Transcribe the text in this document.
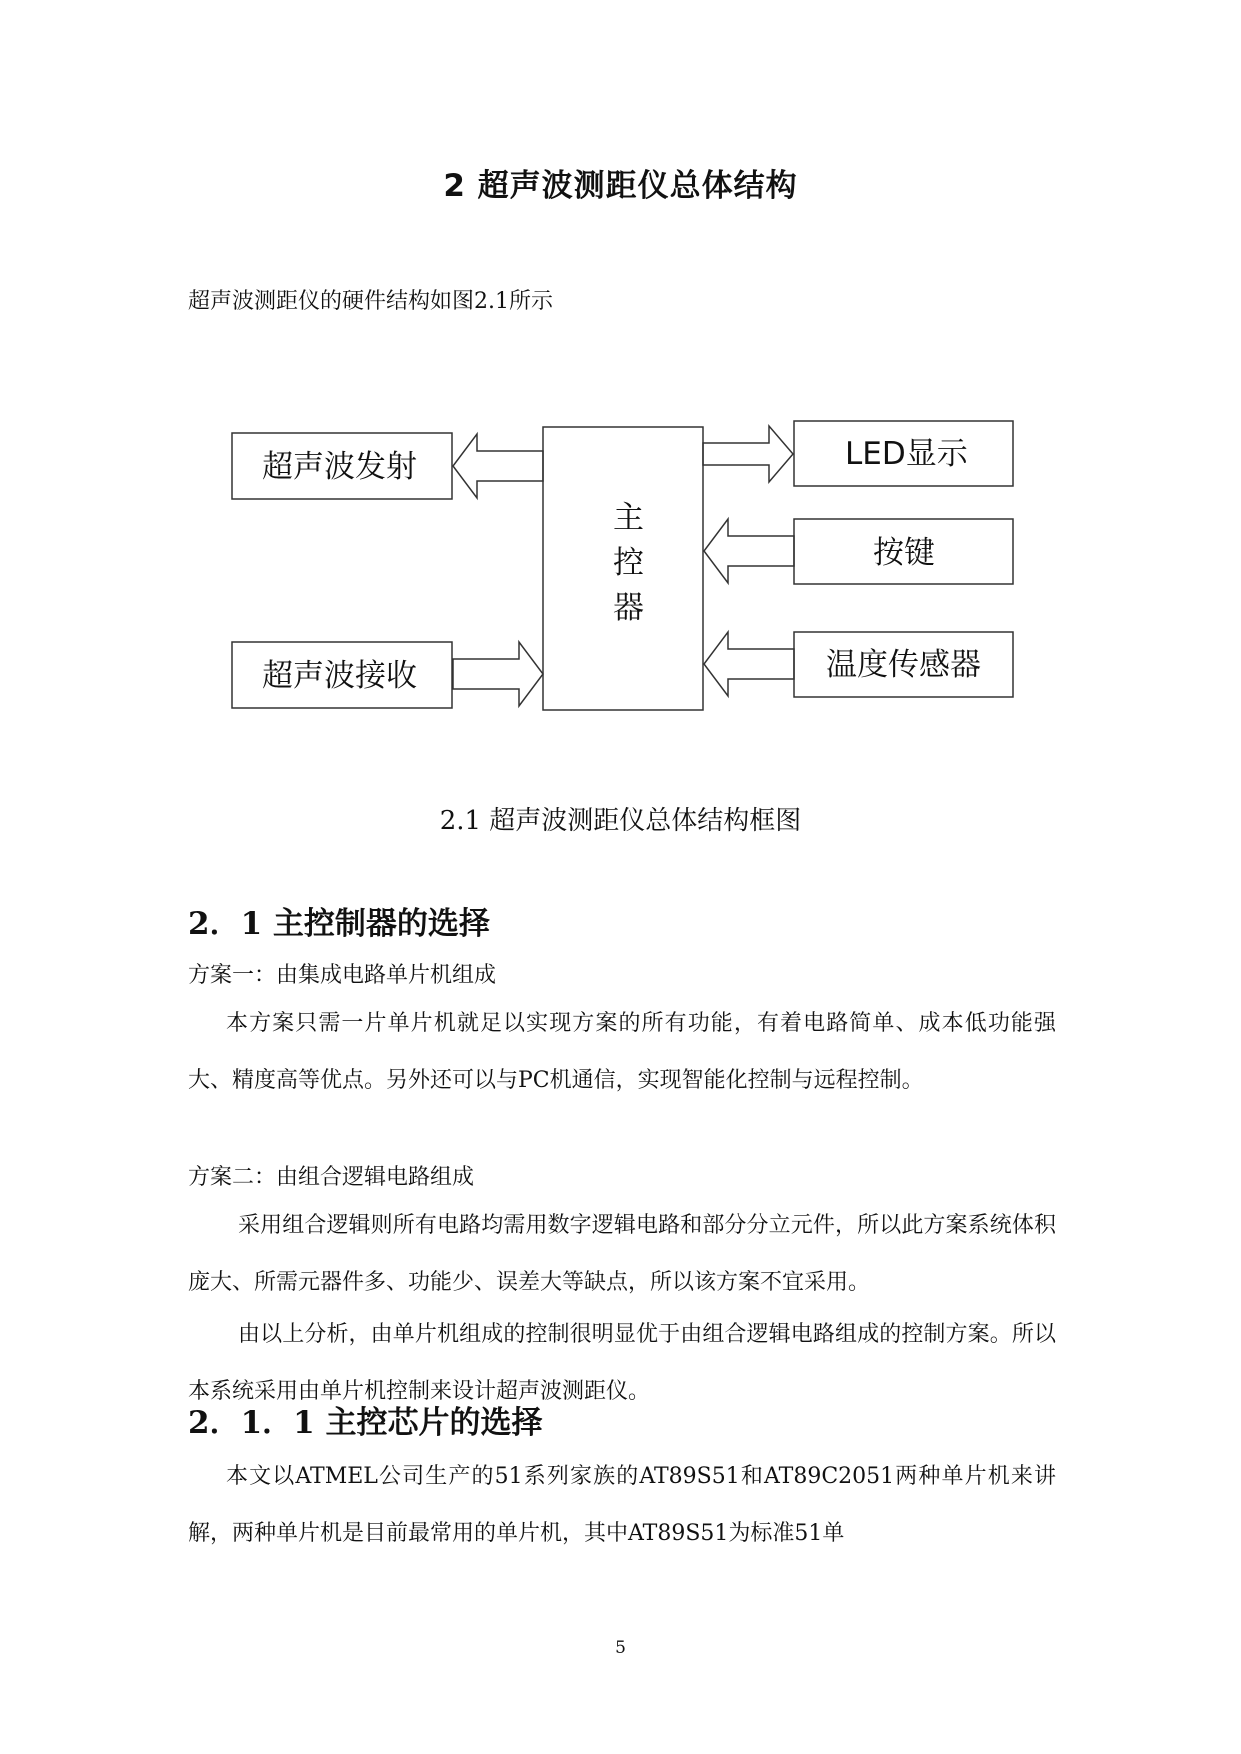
2 超声波测距仪总体结构
超声波测距仪的硬件结构如图2.1所示
超声波发射
超声波接收
主
控
器
LED显示
按键
温度传感器
2.1 超声波测距仪总体结构框图
2．1 主控制器的选择
方案一：由集成电路单片机组成
本方案只需一片单片机就足以实现方案的所有功能，有着电路简单、成本低功能强大、精度高等优点。另外还可以与PC机通信，实现智能化控制与远程控制。
方案二：由组合逻辑电路组成
采用组合逻辑则所有电路均需用数字逻辑电路和部分分立元件，所以此方案系统体积庞大、所需元器件多、功能少、误差大等缺点，所以该方案不宜采用。
由以上分析，由单片机组成的控制很明显优于由组合逻辑电路组成的控制方案。所以本系统采用由单片机控制来设计超声波测距仪。
2．1．1 主控芯片的选择
本文以ATMEL公司生产的51系列家族的AT89S51和AT89C2051两种单片机来讲解，两种单片机是目前最常用的单片机，其中AT89S51为标准51单
5
